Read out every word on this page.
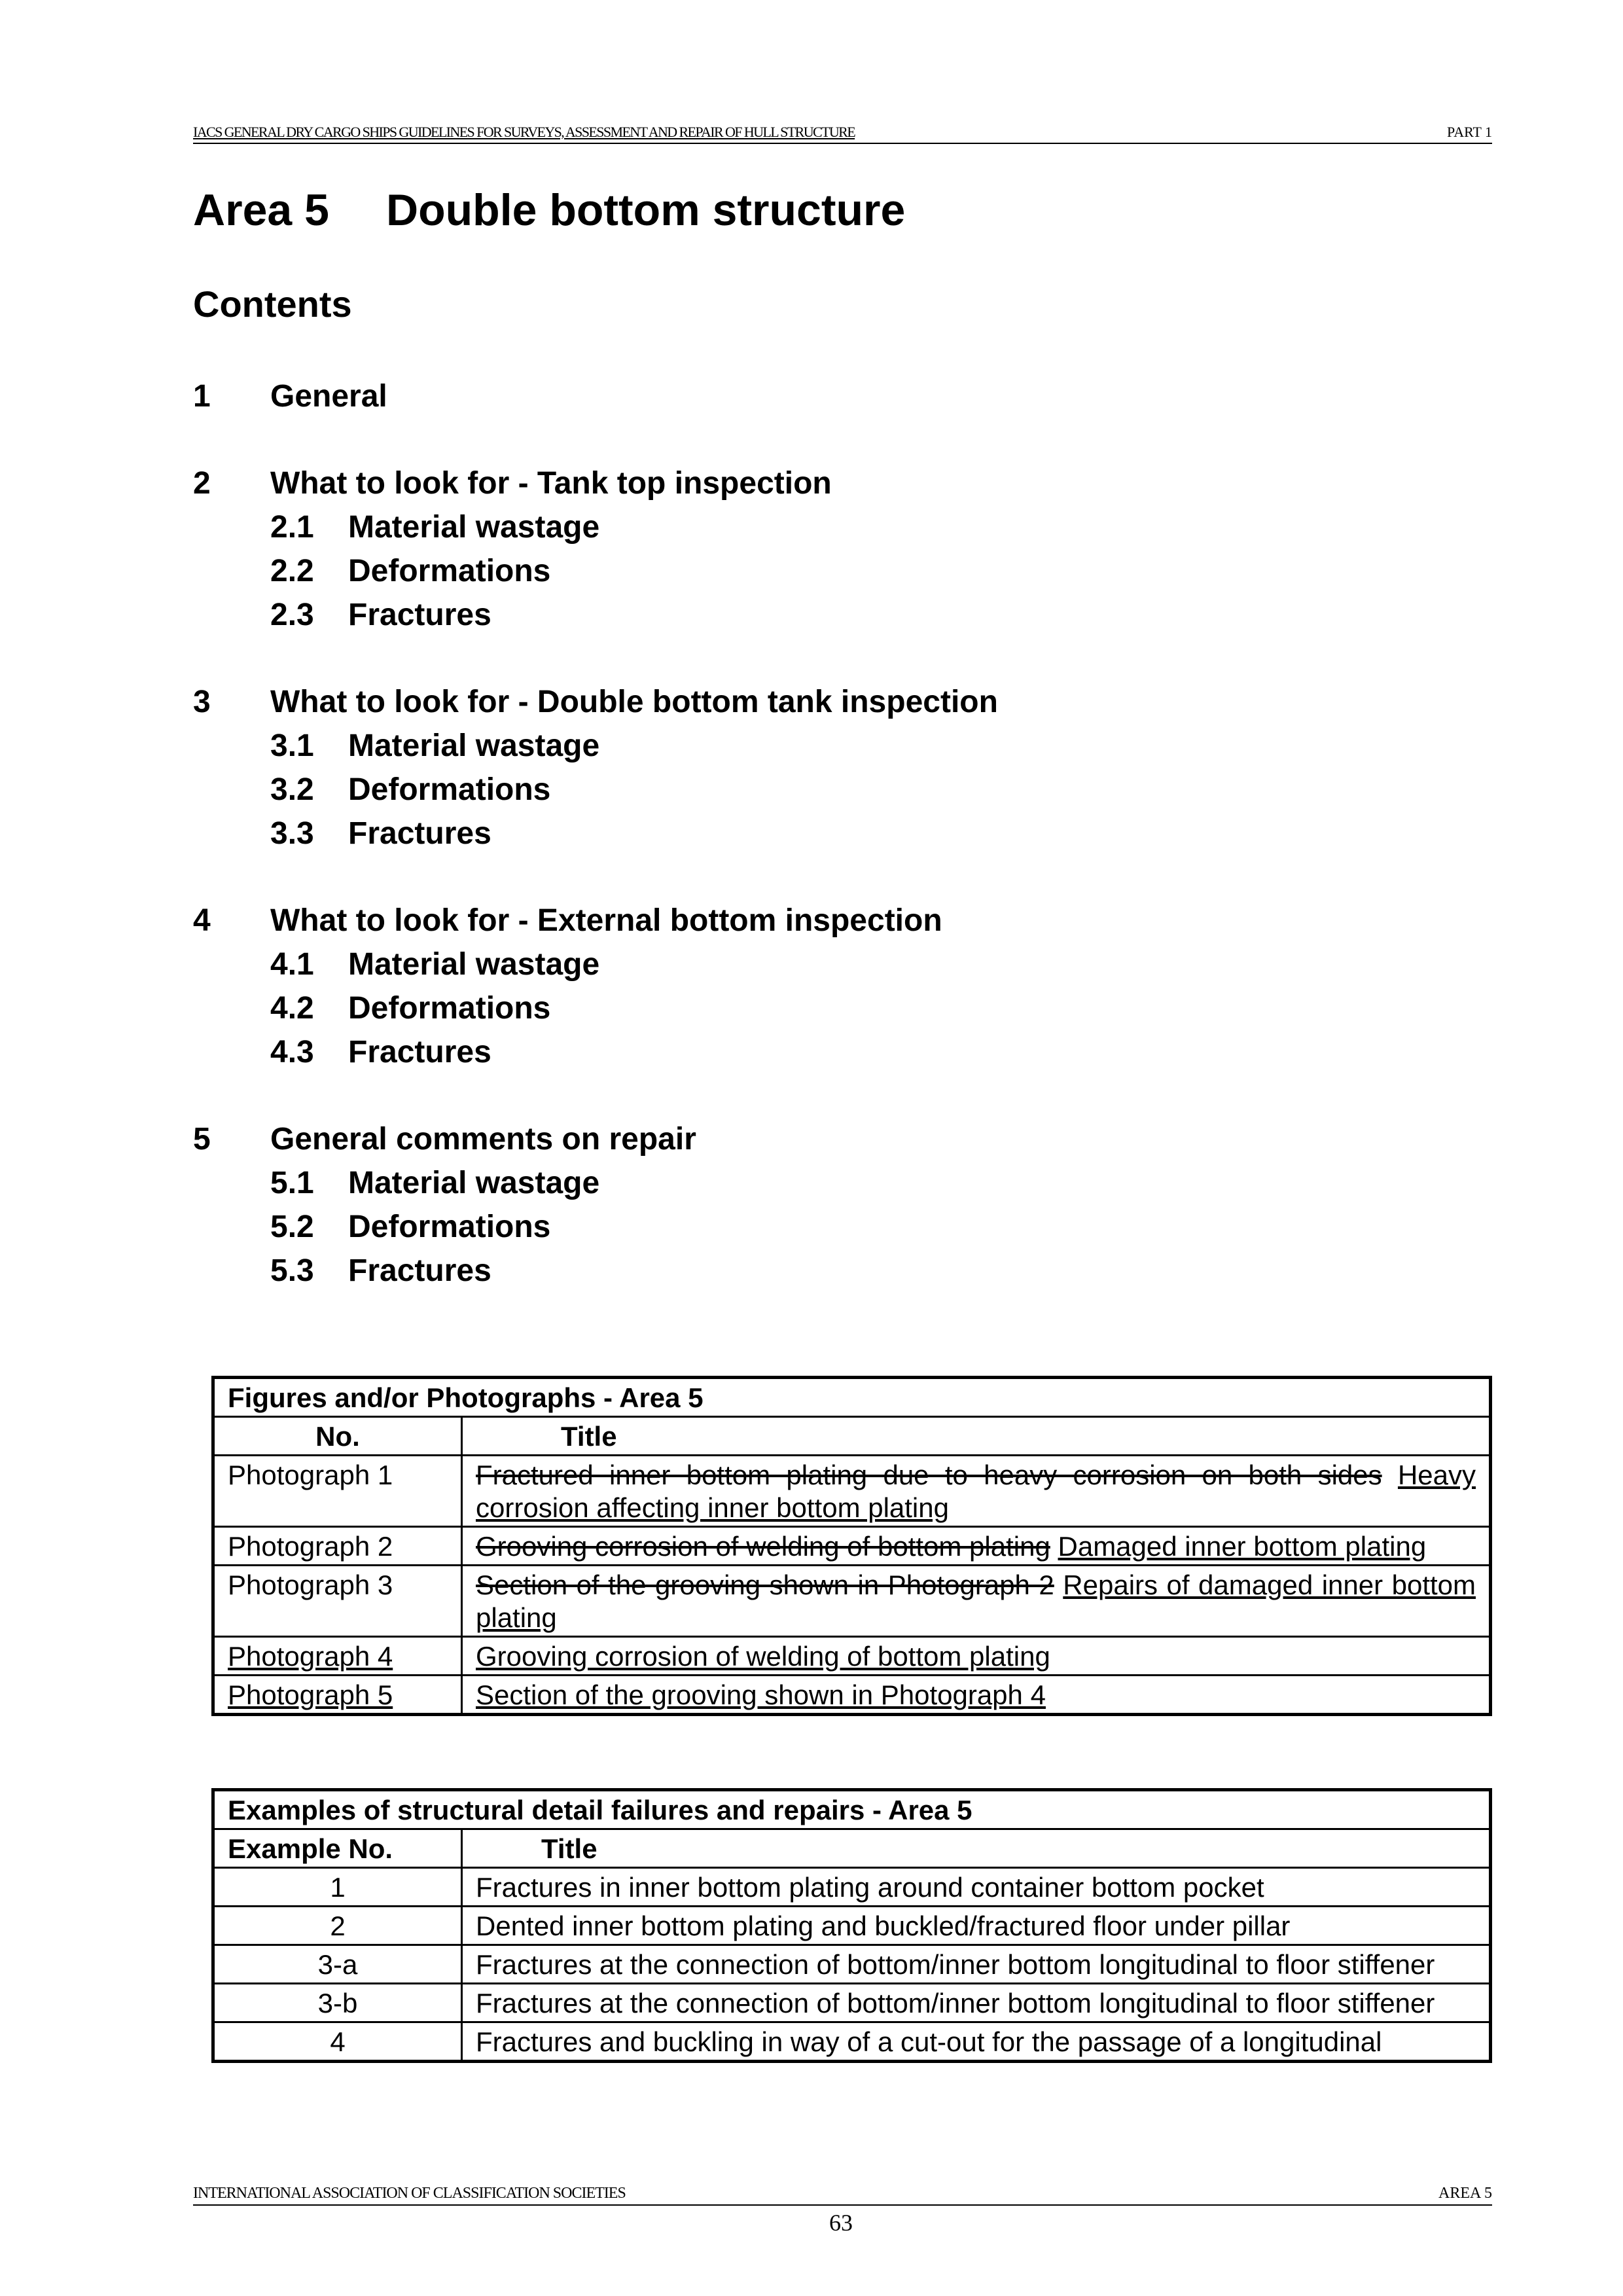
IACS GENERAL DRY CARGO SHIPS GUIDELINES FOR SURVEYS, ASSESSMENT AND REPAIR OF HULL STRUCTURE	PART 1
Area 5 Double bottom structure
Contents
1 General
2 What to look for - Tank top inspection
2.1 Material wastage
2.2 Deformations
2.3 Fractures
3 What to look for - Double bottom tank inspection
3.1 Material wastage
3.2 Deformations
3.3 Fractures
4 What to look for - External bottom inspection
4.1 Material wastage
4.2 Deformations
4.3 Fractures
5 General comments on repair
5.1 Material wastage
5.2 Deformations
5.3 Fractures
Figures and/or Photographs - Area 5	
No.	Title
Photograph 1	Fractured inner bottom plating due to heavy corrosion on both sides Heavy corrosion affecting inner bottom plating
Photograph 2	Grooving corrosion of welding of bottom plating Damaged inner bottom plating
Photograph 3	Section of the grooving shown in Photograph 2 Repairs of damaged inner bottom plating
Photograph 4	Grooving corrosion of welding of bottom plating
Photograph 5	Section of the grooving shown in Photograph 4
Examples of structural detail failures and repairs - Area 5	
Example No.	Title
1	Fractures in inner bottom plating around container bottom pocket
2	Dented inner bottom plating and buckled/fractured floor under pillar
3-a	Fractures at the connection of bottom/inner bottom longitudinal to floor stiffener
3-b	Fractures at the connection of bottom/inner bottom longitudinal to floor stiffener
4	Fractures and buckling in way of a cut-out for the passage of a longitudinal
INTERNATIONAL ASSOCIATION OF CLASSIFICATION SOCIETIES	AREA 5
63
